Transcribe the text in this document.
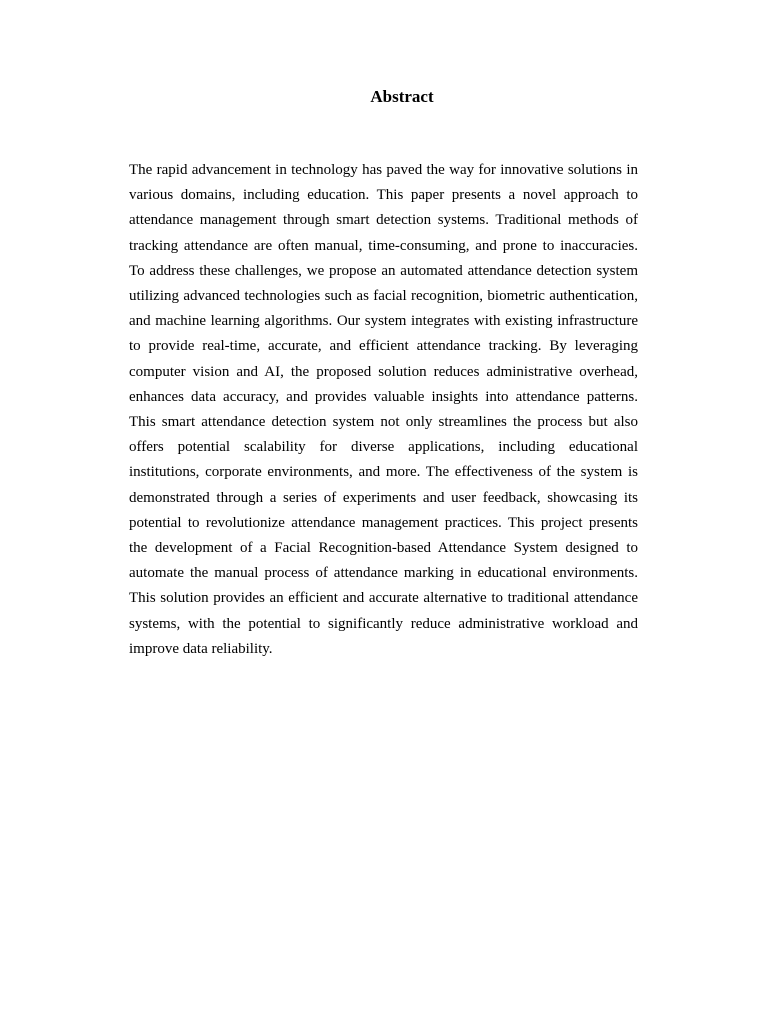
Abstract

The rapid advancement in technology has paved the way for innovative solutions in various domains, including education. This paper presents a novel approach to attendance management through smart detection systems. Traditional methods of tracking attendance are often manual, time-consuming, and prone to inaccuracies. To address these challenges, we propose an automated attendance detection system utilizing advanced technologies such as facial recognition, biometric authentication, and machine learning algorithms. Our system integrates with existing infrastructure to provide real-time, accurate, and efficient attendance tracking. By leveraging computer vision and AI, the proposed solution reduces administrative overhead, enhances data accuracy, and provides valuable insights into attendance patterns. This smart attendance detection system not only streamlines the process but also offers potential scalability for diverse applications, including educational institutions, corporate environments, and more. The effectiveness of the system is demonstrated through a series of experiments and user feedback, showcasing its potential to revolutionize attendance management practices. This project presents the development of a Facial Recognition-based Attendance System designed to automate the manual process of attendance marking in educational environments. This solution provides an efficient and accurate alternative to traditional attendance systems, with the potential to significantly reduce administrative workload and improve data reliability.
